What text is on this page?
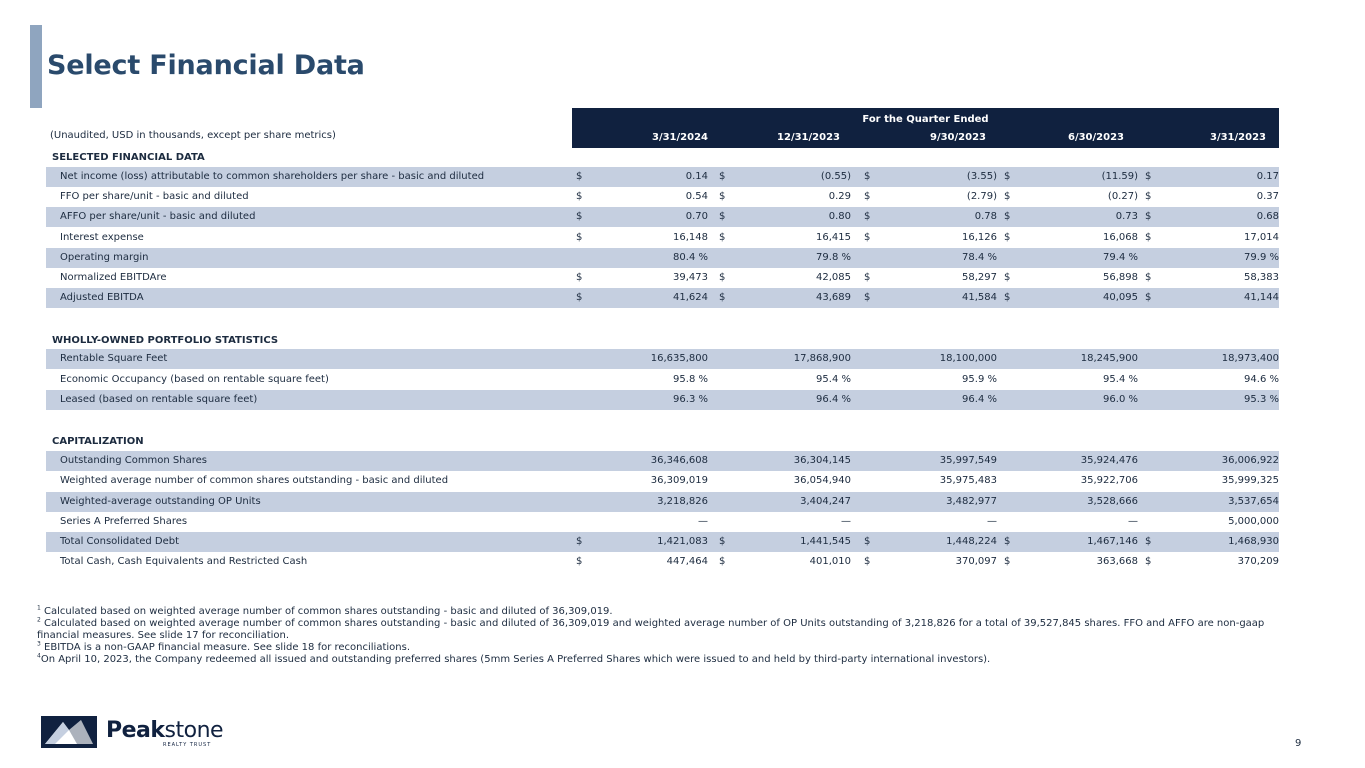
Select Financial Data
(Unaudited, USD in thousands, except per share metrics)
For the Quarter Ended
3/31/2024	12/31/2023	9/30/2023	6/30/2023	3/31/2023
SELECTED FINANCIAL DATA
Net income (loss) attributable to common shareholders per share - basic and diluted	$	0.14 $	(0.55) $	(3.55) $	(11.59) $	0.17
FFO per share/unit - basic and diluted	$	0.54 $	0.29 $	(2.79) $	(0.27) $	0.37
AFFO per share/unit - basic and diluted	$	0.70 $	0.80 $	0.78 $	0.73 $	0.68
Interest expense	$	16,148 $	16,415 $	16,126 $	16,068 $	17,014
Operating margin	80.4 %	79.8 %	78.4 %	79.4 %	79.9 %
Normalized EBITDAre	$	39,473 $	42,085 $	58,297 $	56,898 $	58,383
Adjusted EBITDA	$	41,624 $	43,689 $	41,584 $	40,095 $	41,144
WHOLLY-OWNED PORTFOLIO STATISTICS
Rentable Square Feet	16,635,800	17,868,900	18,100,000	18,245,900	18,973,400
Economic Occupancy (based on rentable square feet)	95.8 %	95.4 %	95.9 %	95.4 %	94.6 %
Leased (based on rentable square feet)	96.3 %	96.4 %	96.4 %	96.0 %	95.3 %
CAPITALIZATION
Outstanding Common Shares	36,346,608	36,304,145	35,997,549	35,924,476	36,006,922
Weighted average number of common shares outstanding - basic and diluted	36,309,019	36,054,940	35,975,483	35,922,706	35,999,325
Weighted-average outstanding OP Units	3,218,826	3,404,247	3,482,977	3,528,666	3,537,654
Series A Preferred Shares	—	—	—	—	5,000,000
Total Consolidated Debt	$	1,421,083 $	1,441,545 $	1,448,224 $	1,467,146 $	1,468,930
Total Cash, Cash Equivalents and Restricted Cash	$	447,464 $	401,010 $	370,097 $	363,668 $	370,209

$^1$ Calculated based on weighted average number of common shares outstanding - basic and diluted of 36,309,019.

$^2$ Calculated based on weighted average number of common shares outstanding - basic and diluted of 36,309,019 and weighted average number of OP Units outstanding of 3,218,826 for a total of 39,527,845 shares. FFO and AFFO are non-gaap financial measures. See slide 17 for reconciliation.

$^3$ EBITDA is a non-GAAP financial measure. See slide 18 for reconciliations.

$^4$On April 10, 2023, the Company redeemed all issued and outstanding preferred shares (5mm Series A Preferred Shares which were issued to and held by third-party international investors).

Peakstone
REALTY TRUST	9
